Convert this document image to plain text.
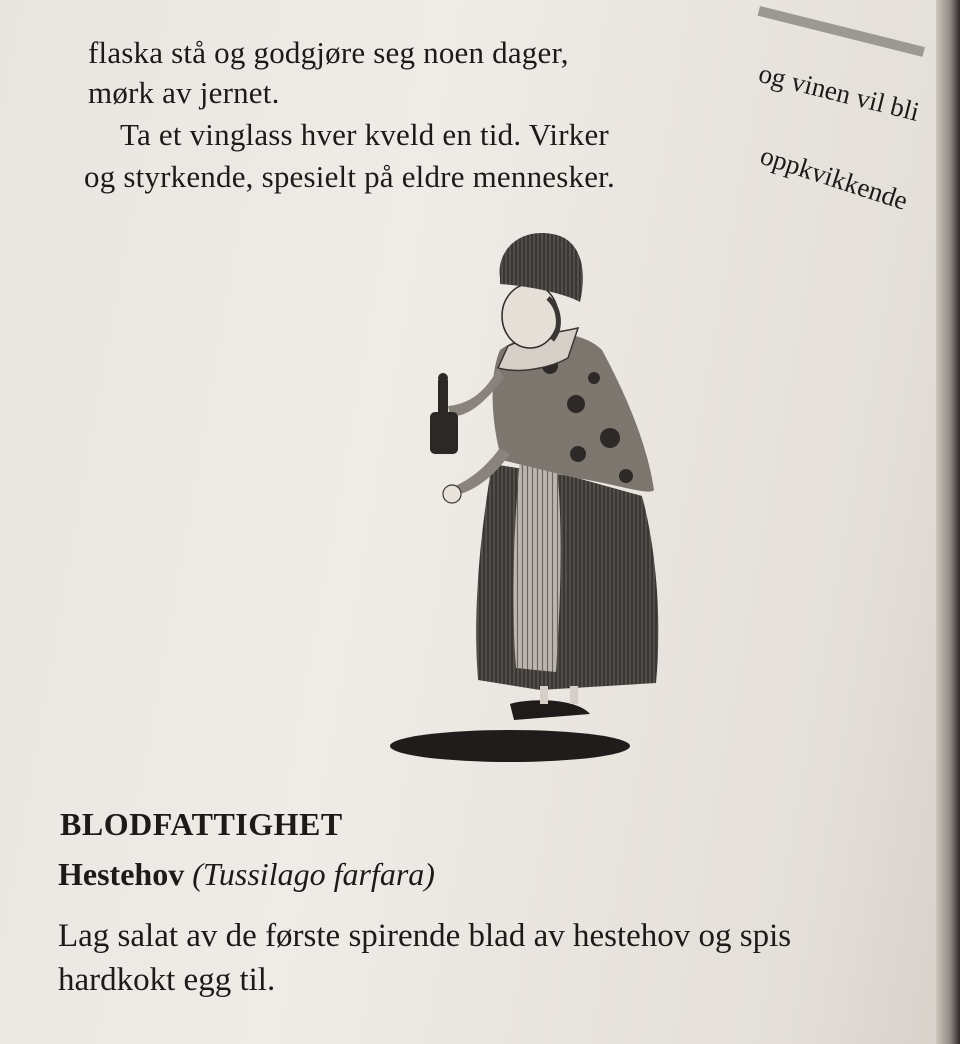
flaska stå og godgjøre seg noen dager,
og vinen vil bli
mørk av jernet.
Ta et vinglass hver kveld en tid. Virker
oppkvikkende
og styrkende, spesielt på eldre mennesker.
BLODFATTIGHET
Hestehov (Tussilago farfara)
Lag salat av de første spirende blad av hestehov og spis
hardkokt egg til.
